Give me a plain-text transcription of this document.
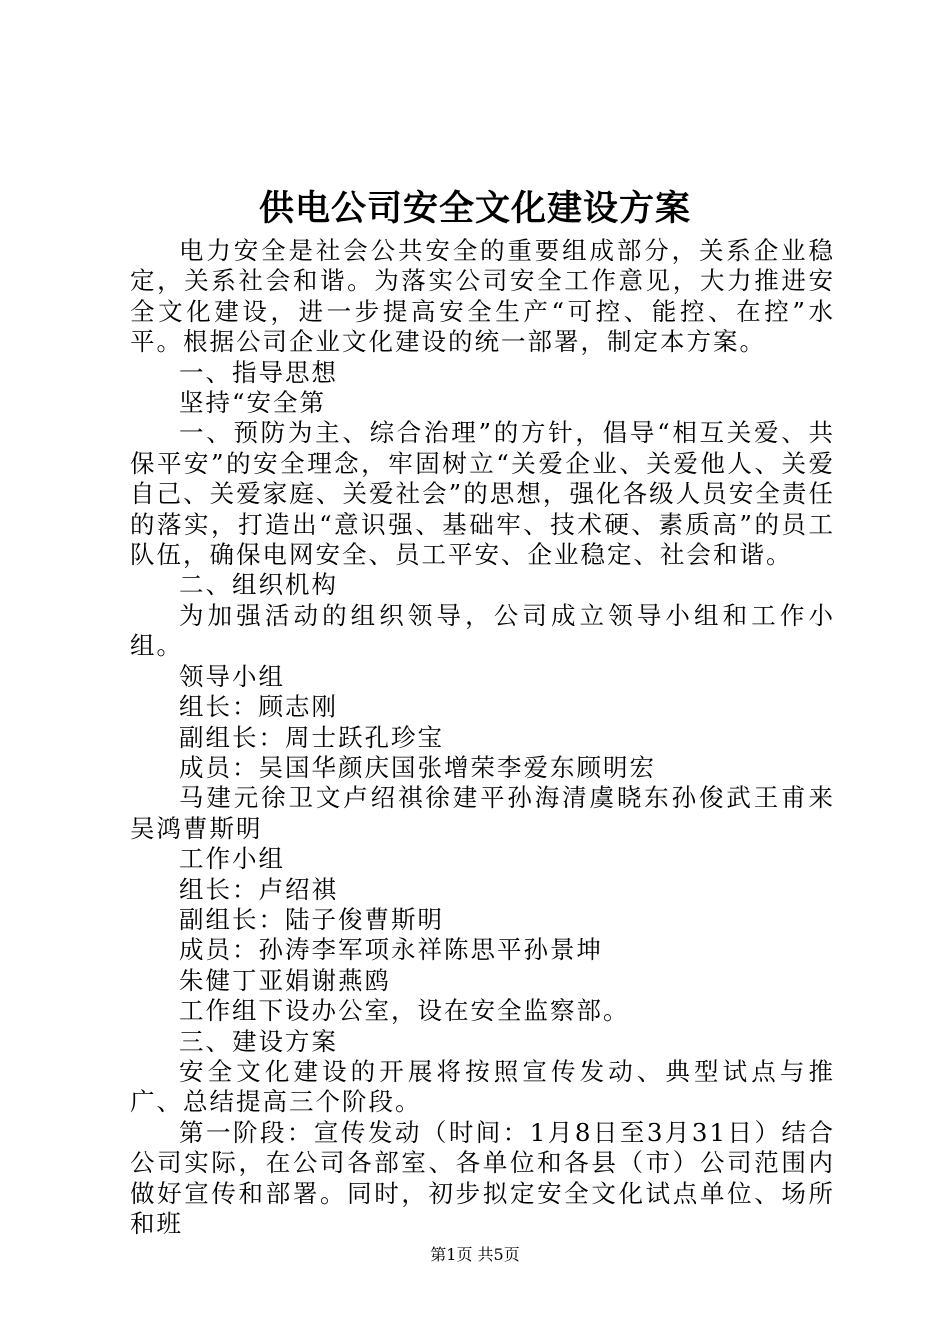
供电公司安全文化建设方案

电力安全是社会公共安全的重要组成部分，关系企业稳定，关系社会和谐。为落实公司安全工作意见，大力推进安全文化建设，进一步提高安全生产“可控、能控、在控”水平。根据公司企业文化建设的统一部署，制定本方案。

一、指导思想

坚持“安全第

一、预防为主、综合治理”的方针，倡导“相互关爱、共保平安”的安全理念，牢固树立“关爱企业、关爱他人、关爱自己、关爱家庭、关爱社会”的思想，强化各级人员安全责任的落实，打造出“意识强、基础牢、技术硬、素质高”的员工队伍，确保电网安全、员工平安、企业稳定、社会和谐。

二、组织机构

为加强活动的组织领导，公司成立领导小组和工作小组。

领导小组

组长：顾志刚

副组长：周士跃孔珍宝

成员：吴国华颜庆国张增荣李爱东顾明宏

马建元徐卫文卢绍祺徐建平孙海清虞晓东孙俊武王甫来吴鸿曹斯明

工作小组

组长：卢绍祺

副组长：陆子俊曹斯明

成员：孙涛李军项永祥陈思平孙景坤

朱健丁亚娟谢燕鸥

工作组下设办公室，设在安全监察部。

三、建设方案

安全文化建设的开展将按照宣传发动、典型试点与推广、总结提高三个阶段。

第一阶段：宣传发动（时间：1月8日至3月31日）结合公司实际，在公司各部室、各单位和各县（市）公司范围内做好宣传和部署。同时，初步拟定安全文化试点单位、场所和班

第1页 共5页
